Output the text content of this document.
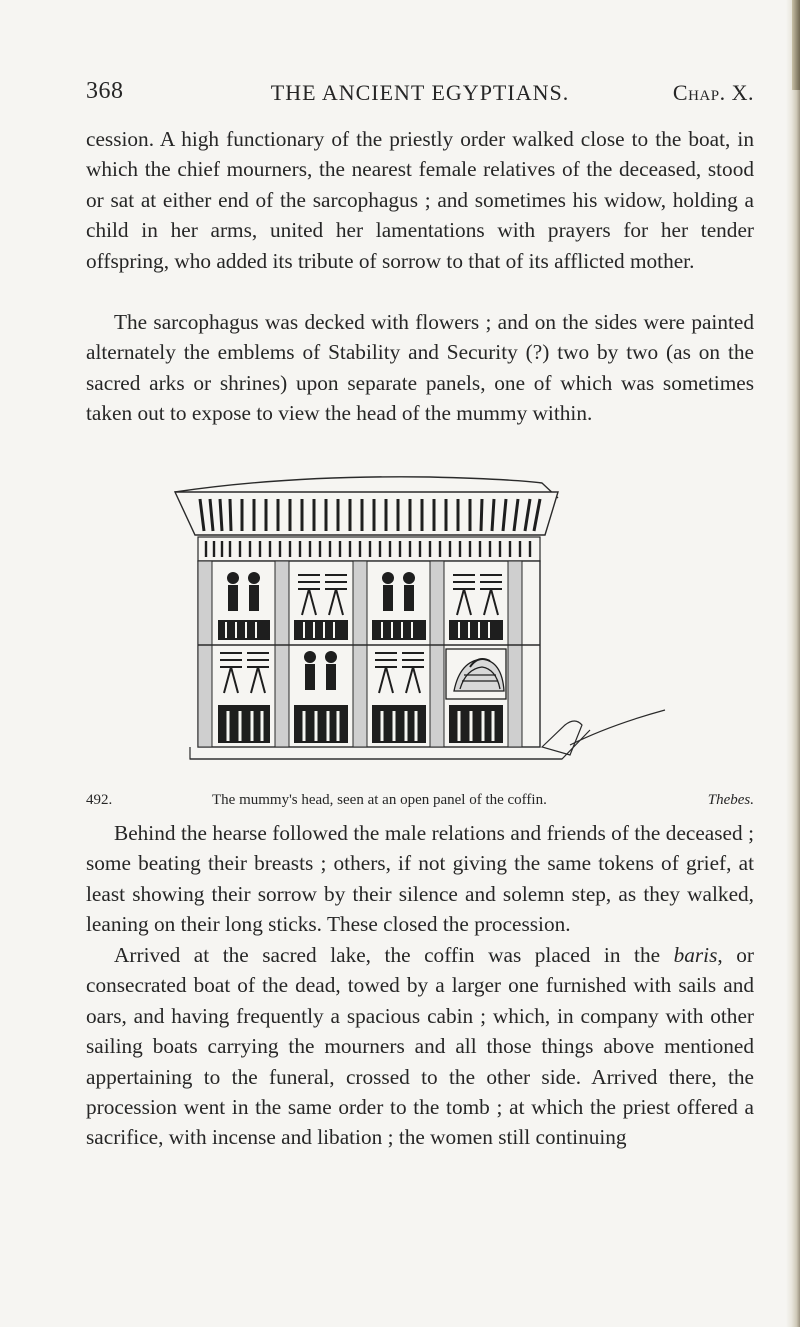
368	THE ANCIENT EGYPTIANS.	Chap. X.

cession. A high functionary of the priestly order walked close to the boat, in which the chief mourners, the nearest female relatives of the deceased, stood or sat at either end of the sarcophagus ; and sometimes his widow, holding a child in her arms, united her lamentations with prayers for her tender offspring, who added its tribute of sorrow to that of its afflicted mother.

The sarcophagus was decked with flowers ; and on the sides were painted alternately the emblems of Stability and Security (?) two by two (as on the sacred arks or shrines) upon separate panels, one of which was sometimes taken out to expose to view the head of the mummy within.

492.	The mummy's head, seen at an open panel of the coffin.	Thebes.

Behind the hearse followed the male relations and friends of the deceased ; some beating their breasts ; others, if not giving the same tokens of grief, at least showing their sorrow by their silence and solemn step, as they walked, leaning on their long sticks. These closed the procession.

Arrived at the sacred lake, the coffin was placed in the baris, or consecrated boat of the dead, towed by a larger one furnished with sails and oars, and having frequently a spacious cabin ; which, in company with other sailing boats carrying the mourners and all those things above mentioned appertaining to the funeral, crossed to the other side. Arrived there, the procession went in the same order to the tomb ; at which the priest offered a sacrifice, with incense and libation ; the women still continuing
